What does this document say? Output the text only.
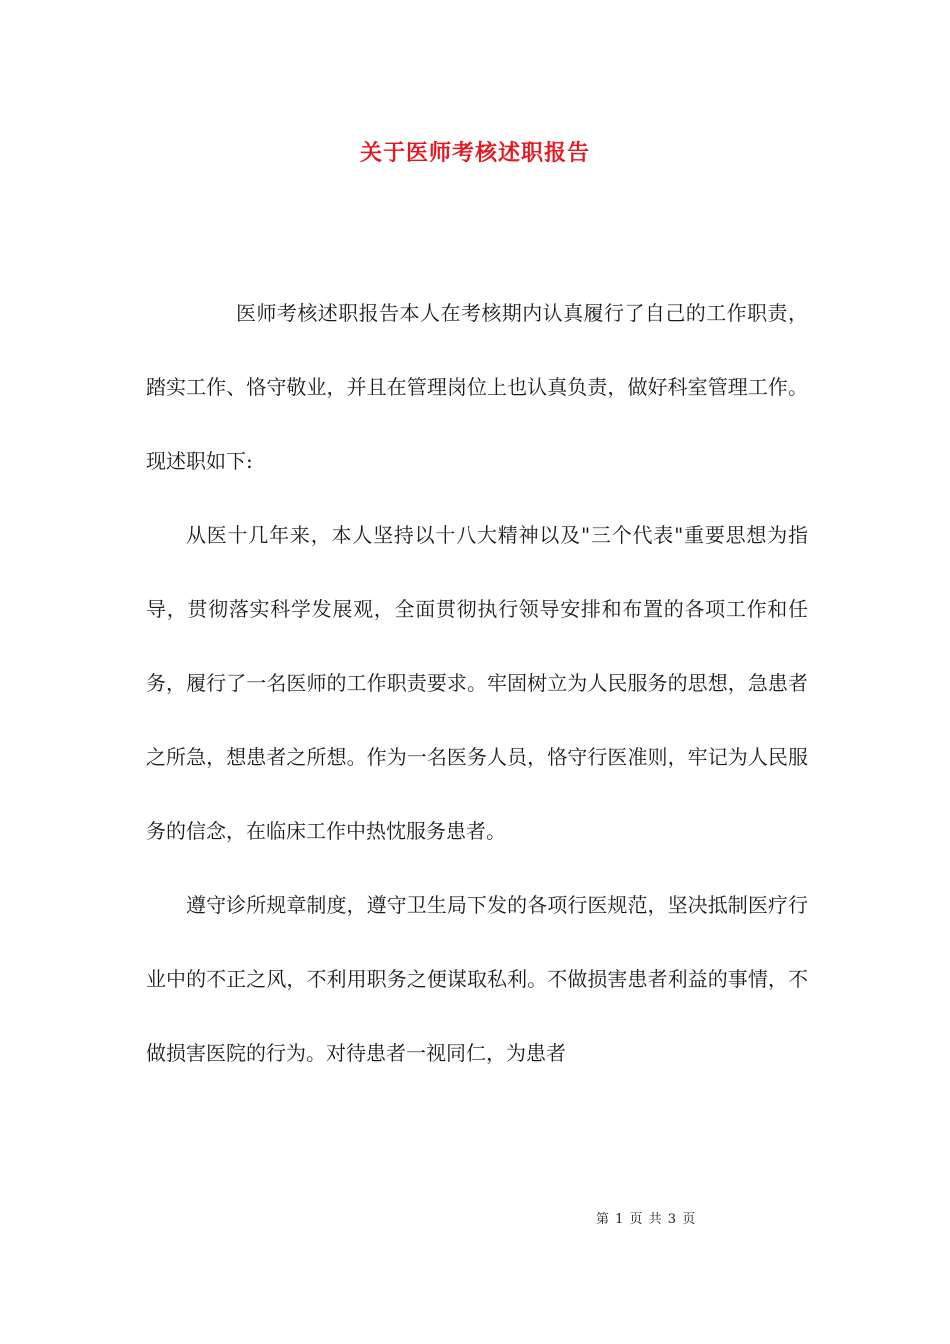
关于医师考核述职报告

医师考核述职报告本人在考核期内认真履行了自己的工作职责，踏实工作、恪守敬业，并且在管理岗位上也认真负责，做好科室管理工作。现述职如下:

从医十几年来，本人坚持以十八大精神以及"三个代表"重要思想为指导，贯彻落实科学发展观，全面贯彻执行领导安排和布置的各项工作和任务，履行了一名医师的工作职责要求。牢固树立为人民服务的思想，急患者之所急，想患者之所想。作为一名医务人员，恪守行医准则，牢记为人民服务的信念，在临床工作中热忱服务患者。

遵守诊所规章制度，遵守卫生局下发的各项行医规范，坚决抵制医疗行业中的不正之风，不利用职务之便谋取私利。不做损害患者利益的事情，不做损害医院的行为。对待患者一视同仁，为患者

第 1 页 共 3 页
